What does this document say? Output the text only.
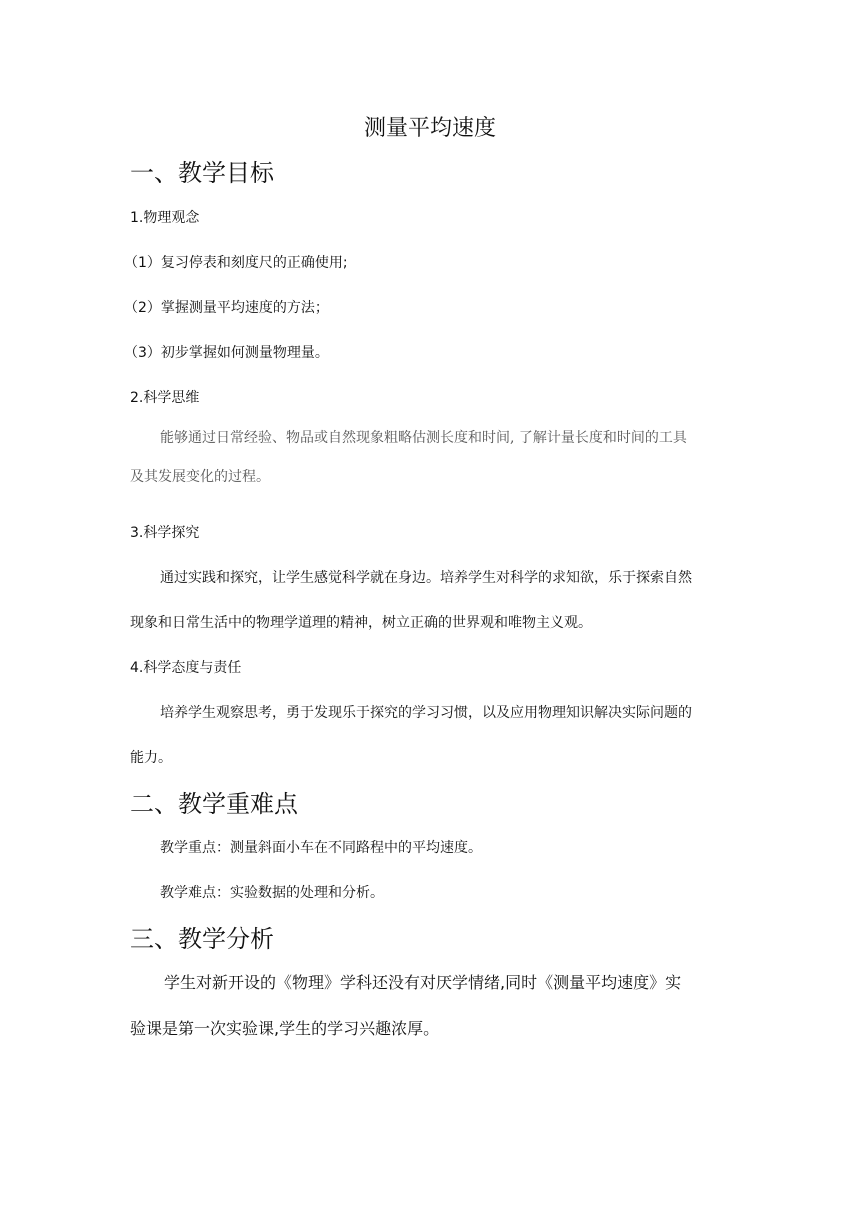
测量平均速度
一、教学目标
1.物理观念
（1）复习停表和刻度尺的正确使用;
（2）掌握测量平均速度的方法；
（3）初步掌握如何测量物理量。
2.科学思维
能够通过日常经验、物品或自然现象粗略估测长度和时间, 了解计量长度和时间的工具
及其发展变化的过程。
3.科学探究
通过实践和探究，让学生感觉科学就在身边。培养学生对科学的求知欲，乐于探索自然
现象和日常生活中的物理学道理的精神，树立正确的世界观和唯物主义观。
4.科学态度与责任
培养学生观察思考，勇于发现乐于探究的学习习惯，以及应用物理知识解决实际问题的
能力。
二、教学重难点
教学重点：测量斜面小车在不同路程中的平均速度。
教学难点：实验数据的处理和分析。
三、教学分析
学生对新开设的《物理》学科还没有对厌学情绪,同时《测量平均速度》实
验课是第一次实验课,学生的学习兴趣浓厚。
